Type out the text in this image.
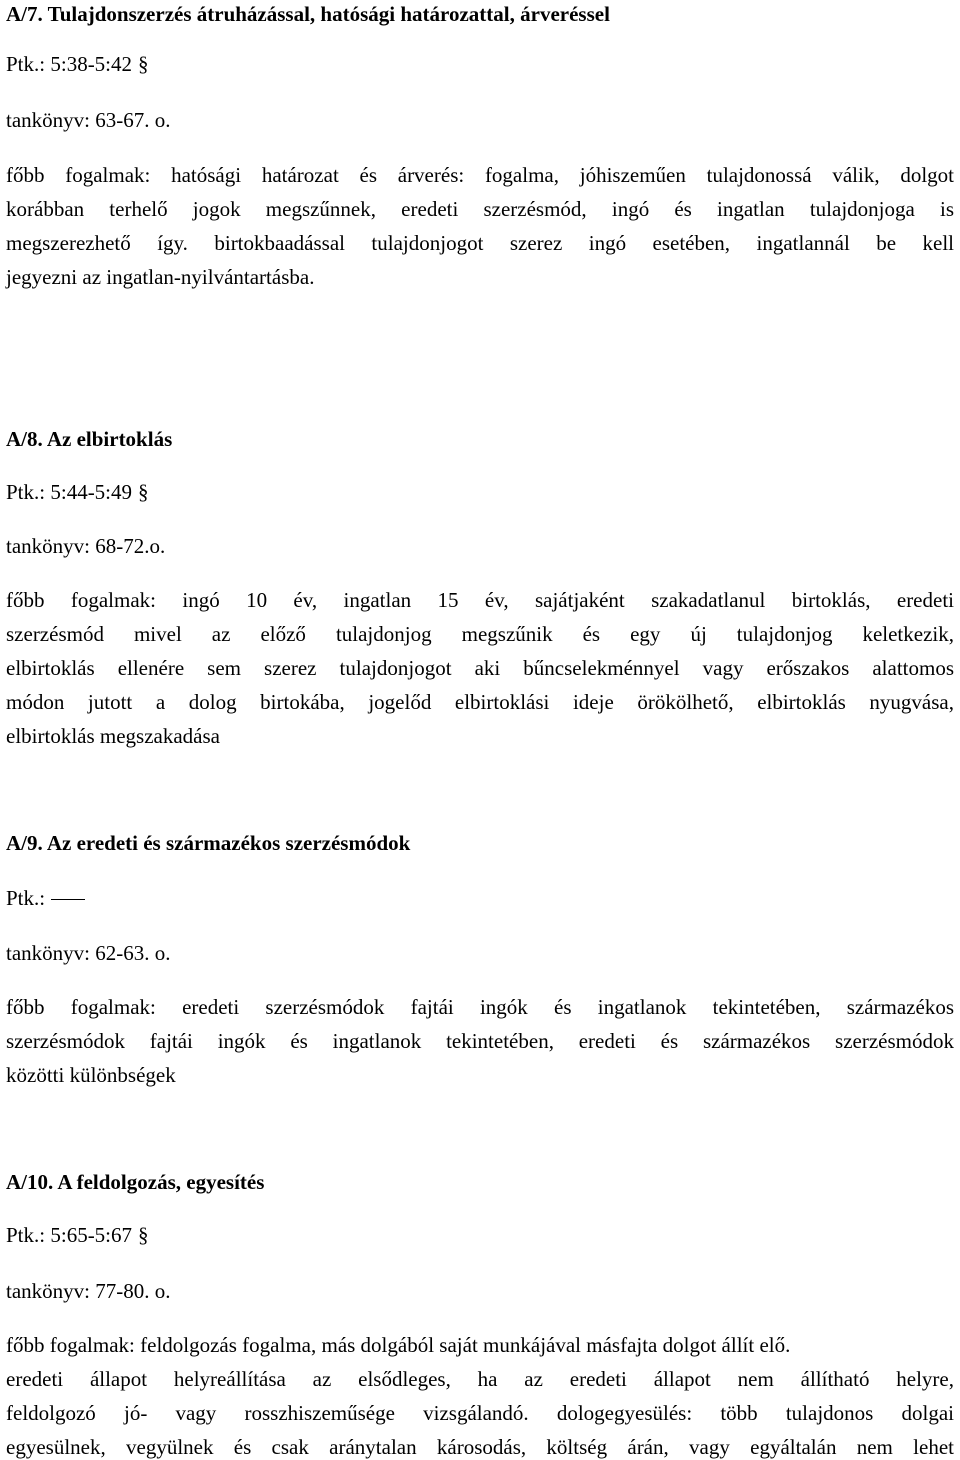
A/7. Tulajdonszerzés átruházással, hatósági határozattal, árveréssel
Ptk.: 5:38-5:42 §
tankönyv: 63-67. o.
főbb fogalmak: hatósági határozat és árverés: fogalma, jóhiszeműen tulajdonossá válik, dolgot
korábban terhelő jogok megszűnnek, eredeti szerzésmód, ingó és ingatlan tulajdonjoga is
megszerezhető így. birtokbaadással tulajdonjogot szerez ingó esetében, ingatlannál be kell
jegyezni az ingatlan-nyilvántartásba.
A/8. Az elbirtoklás
Ptk.: 5:44-5:49 §
tankönyv: 68-72.o.
főbb fogalmak: ingó 10 év, ingatlan 15 év, sajátjaként szakadatlanul birtoklás, eredeti
szerzésmód mivel az előző tulajdonjog megszűnik és egy új tulajdonjog keletkezik,
elbirtoklás ellenére sem szerez tulajdonjogot aki bűncselekménnyel vagy erőszakos alattomos
módon jutott a dolog birtokába, jogelőd elbirtoklási ideje örökölhető, elbirtoklás nyugvása,
elbirtoklás megszakadása
A/9. Az eredeti és származékos szerzésmódok
Ptk.:
tankönyv: 62-63. o.
főbb fogalmak: eredeti szerzésmódok fajtái ingók és ingatlanok tekintetében, származékos
szerzésmódok fajtái ingók és ingatlanok tekintetében, eredeti és származékos szerzésmódok
közötti különbségek
A/10. A feldolgozás, egyesítés
Ptk.: 5:65-5:67 §
tankönyv: 77-80. o.
főbb fogalmak: feldolgozás fogalma, más dolgából saját munkájával másfajta dolgot állít elő.
eredeti állapot helyreállítása az elsődleges, ha az eredeti állapot nem állítható helyre,
feldolgozó jó- vagy rosszhiszeműsége vizsgálandó. dologegyesülés: több tulajdonos dolgai
egyesülnek, vegyülnek és csak aránytalan károsodás, költség árán, vagy egyáltalán nem lehet
